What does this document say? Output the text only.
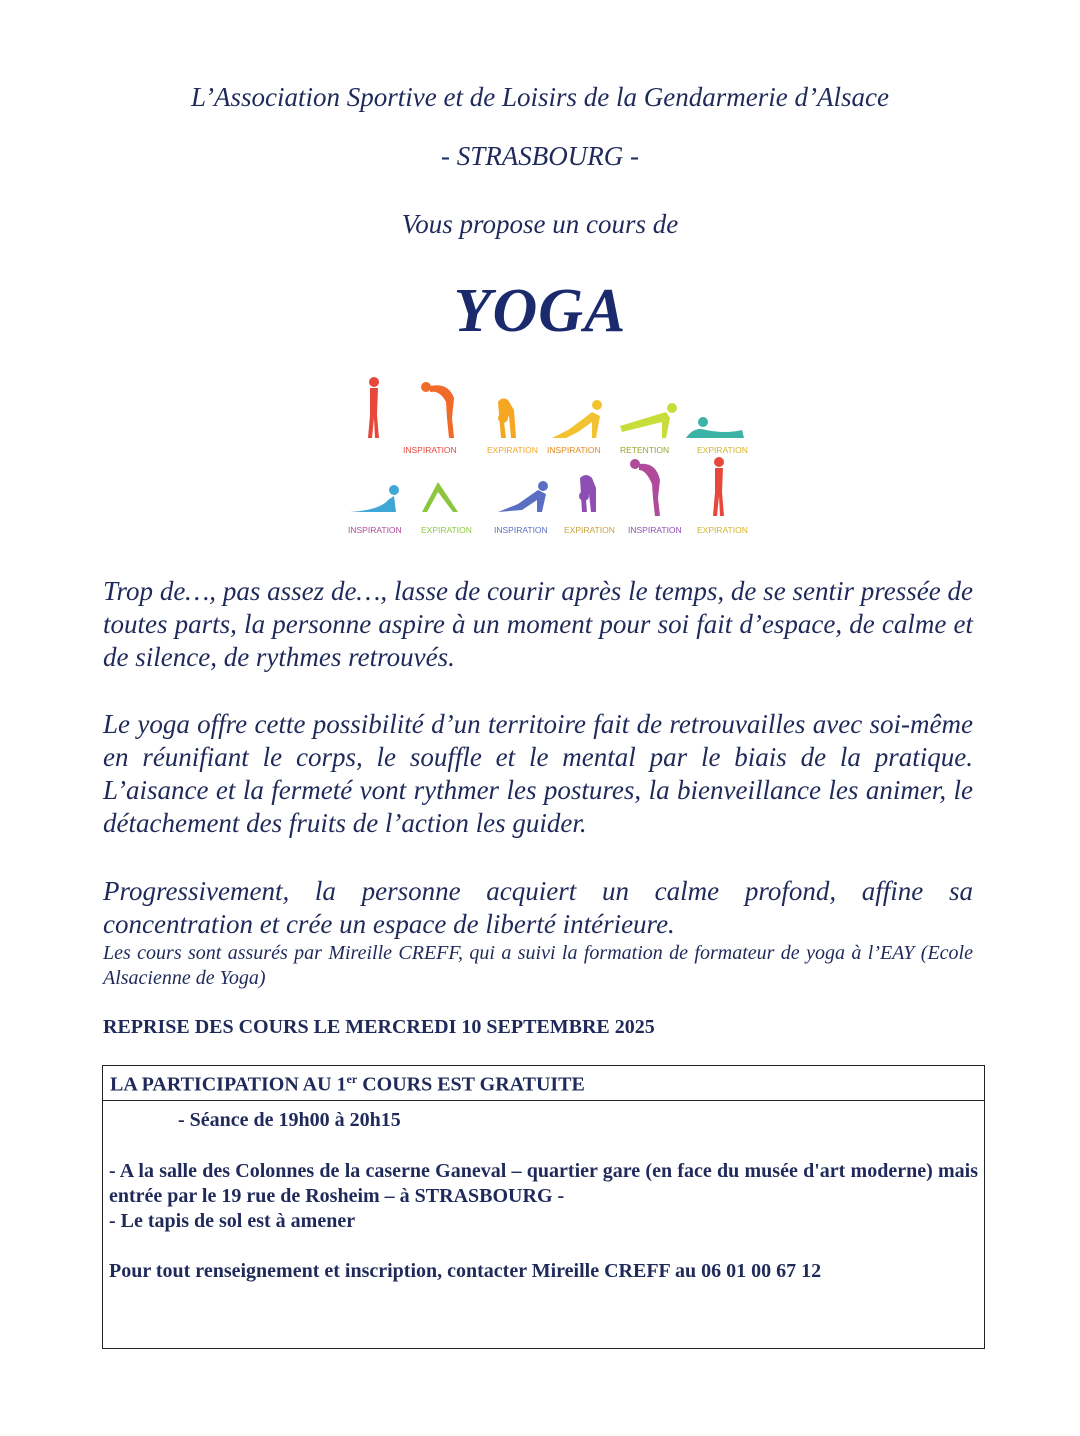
L’Association Sportive et de Loisirs de la Gendarmerie d’Alsace
- STRASBOURG -
Vous propose un cours de
YOGA
INSPIRATION	EXPIRATION INSPIRATION RETENTION	EXPIRATION
INSPIRATION EXPIRATION	INSPIRATION EXPIRATION INSPIRATION EXPIRATION
Trop de…, pas assez de…, lasse de courir après le temps, de se sentir pressée de toutes parts, la personne aspire à un moment pour soi fait d’espace, de calme et de silence, de rythmes retrouvés.
Le yoga offre cette possibilité d’un territoire fait de retrouvailles avec soi-même en réunifiant le corps, le souffle et le mental par le biais de la pratique. L’aisance et la fermeté vont rythmer les postures, la bienveillance les animer, le détachement des fruits de l’action les guider.
Progressivement, la personne acquiert un calme profond, affine sa concentration et crée un espace de liberté intérieure.
Les cours sont assurés par Mireille CREFF, qui a suivi la formation de formateur de yoga à l’EAY (Ecole Alsacienne de Yoga)
REPRISE DES COURS LE MERCREDI 10 SEPTEMBRE 2025
LA PARTICIPATION AU 1er COURS EST GRATUITE
- Séance de 19h00 à 20h15
- A la salle des Colonnes de la caserne Ganeval – quartier gare (en face du musée d'art moderne) mais entrée par le 19 rue de Rosheim – à STRASBOURG -
- Le tapis de sol est à amener
Pour tout renseignement et inscription, contacter Mireille CREFF au 06 01 00 67 12
